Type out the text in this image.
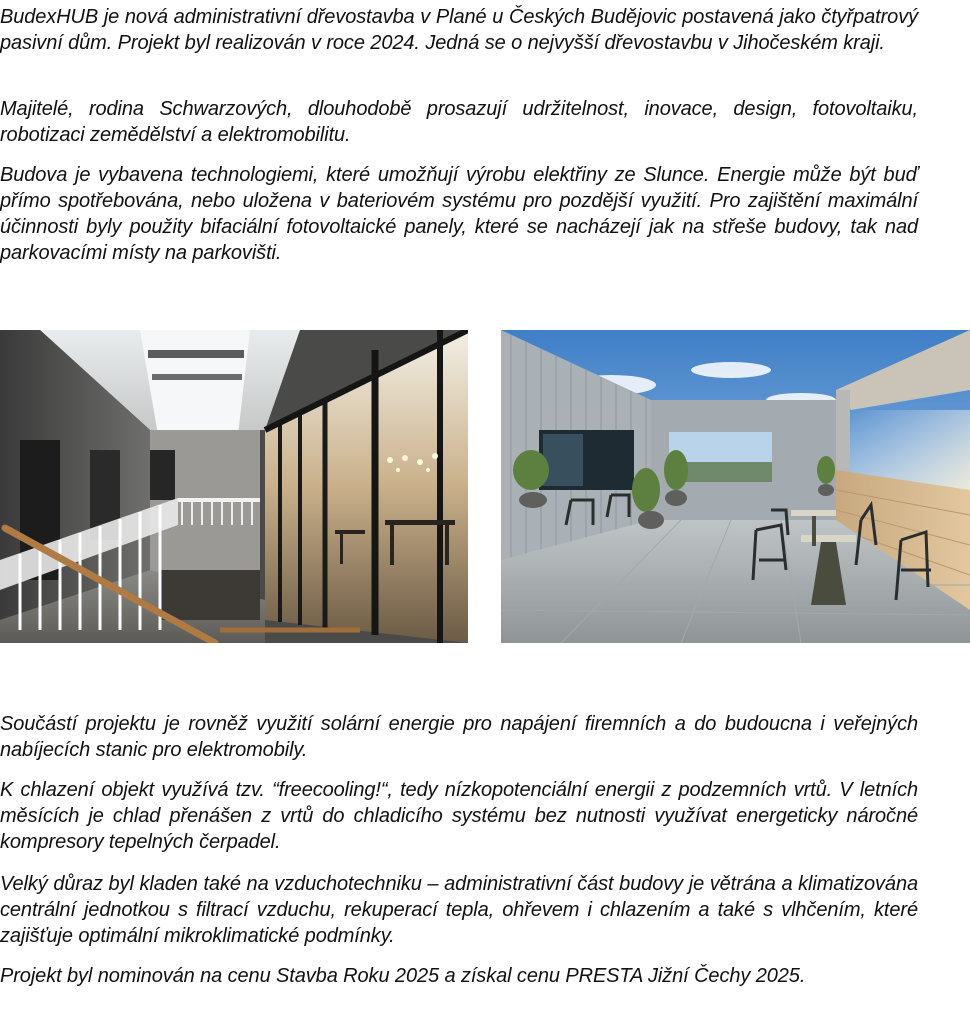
BudexHUB je nová administrativní dřevostavba v Plané u Českých Budějovic postavená jako čtyřpatrový pasivní dům. Projekt byl realizován v roce 2024. Jedná se o nejvyšší dřevostavbu v Jihočeském kraji.

Majitelé, rodina Schwarzových, dlouhodobě prosazují udržitelnost, inovace, design, fotovoltaiku, robotizaci zemědělství a elektromobilitu.

Budova je vybavena technologiemi, které umožňují výrobu elektřiny ze Slunce. Energie může být buď přímo spotřebována, nebo uložena v bateriovém systému pro pozdější využití. Pro zajištění maximální účinnosti byly použity bifaciální fotovoltaické panely, které se nacházejí jak na střeše budovy, tak nad parkovacími místy na parkovišti.

Součástí projektu je rovněž využití solární energie pro napájení firemních a do budoucna i veřejných nabíjecích stanic pro elektromobily.

K chlazení objekt využívá tzv. “freecooling!“, tedy nízkopotenciální energii z podzemních vrtů. V letních měsících je chlad přenášen z vrtů do chladicího systému bez nutnosti využívat energeticky náročné kompresory tepelných čerpadel.

Velký důraz byl kladen také na vzduchotechniku – administrativní část budovy je větrána a klimatizována centrální jednotkou s filtrací vzduchu, rekuperací tepla, ohřevem i chlazením a také s vlhčením, které zajišťuje optimální mikroklimatické podmínky.

Projekt byl nominován na cenu Stavba Roku 2025 a získal cenu PRESTA Jižní Čechy 2025.
